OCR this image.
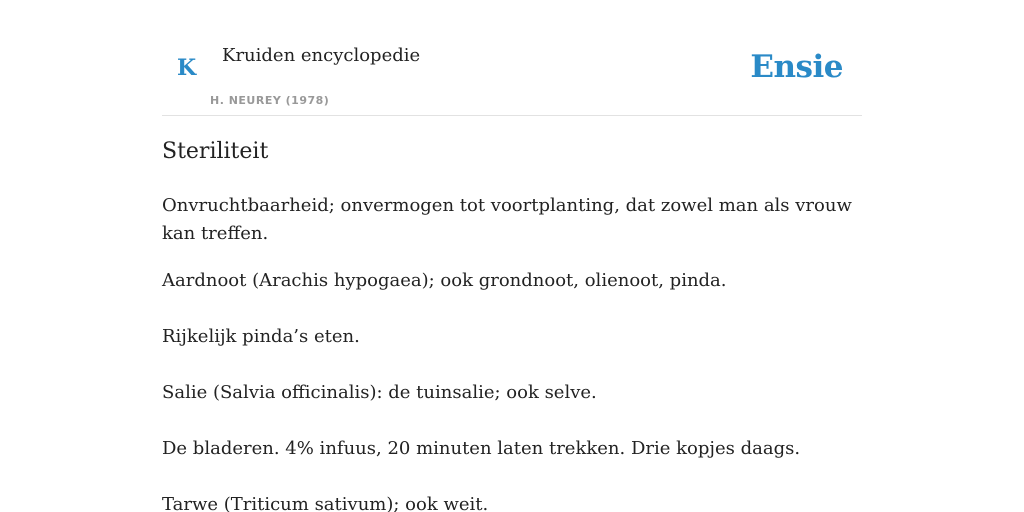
K Kruiden encyclopedie
H. NEUREY (1978)
Ensie
Steriliteit

Onvruchtbaarheid; onvermogen tot voortplanting, dat zowel man als vrouw kan treffen.

Aardnoot (Arachis hypogaea); ook grondnoot, olienoot, pinda.

Rijkelijk pinda’s eten.

Salie (Salvia officinalis): de tuinsalie; ook selve.

De bladeren. 4% infuus, 20 minuten laten trekken. Drie kopjes daags.

Tarwe (Triticum sativum); ook weit.
